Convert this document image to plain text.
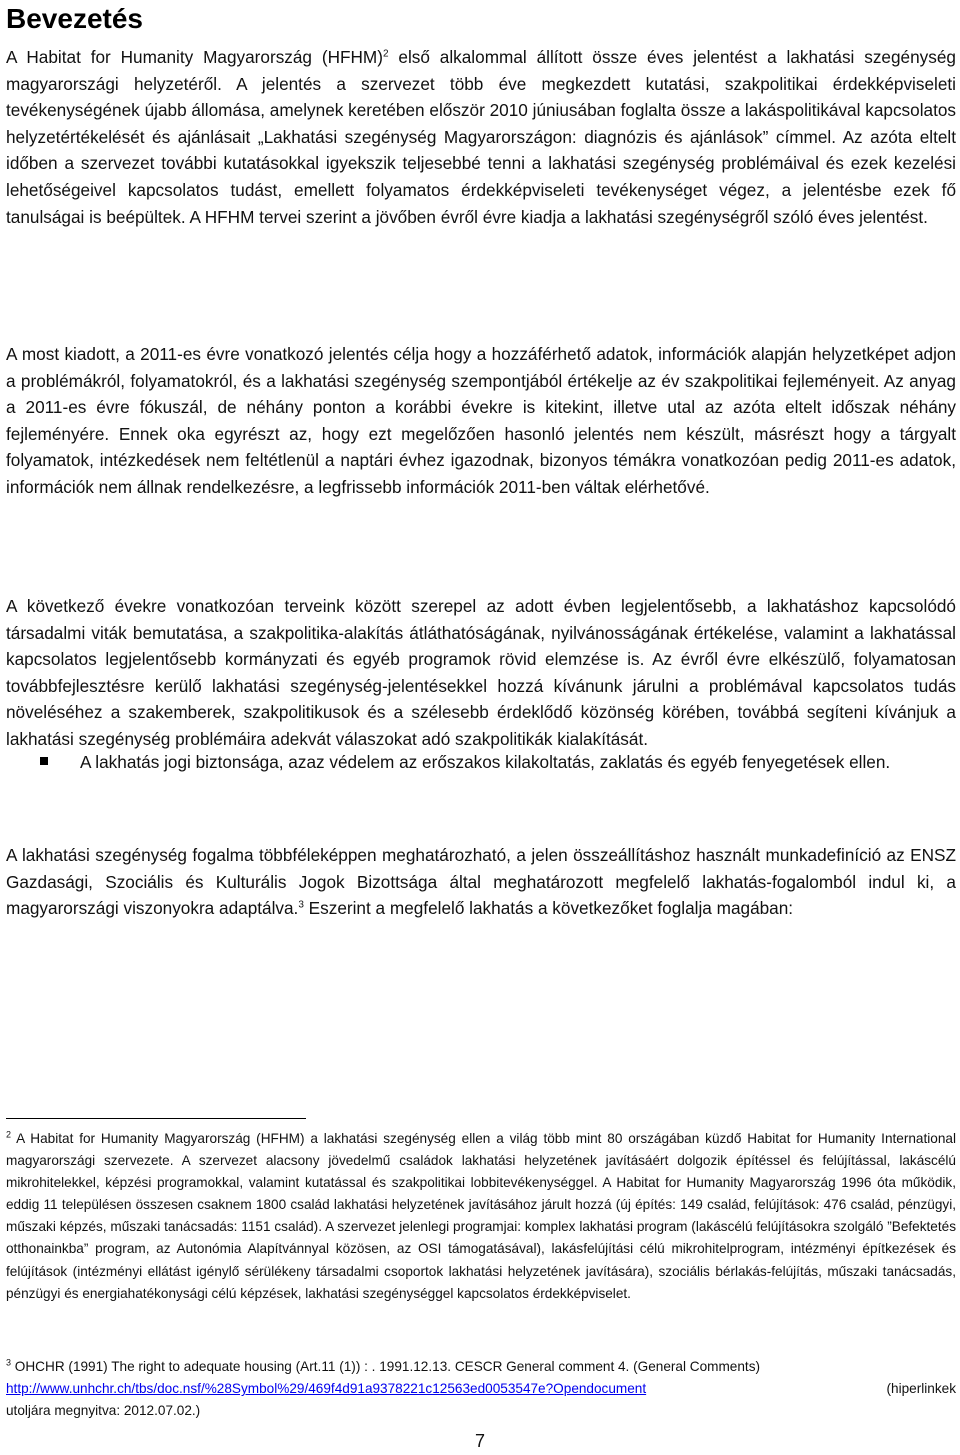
Bevezetés

A Habitat for Humanity Magyarország (HFHM)$^2$ első alkalommal állított össze éves jelentést a lakhatási szegénység magyarországi helyzetéről. A jelentés a szervezet több éve megkezdett kutatási, szakpolitikai érdekképviseleti tevékenységének újabb állomása, amelynek keretében először 2010 júniusában foglalta össze a lakáspolitikával kapcsolatos helyzetértékelését és ajánlásait „Lakhatási szegénység Magyarországon: diagnózis és ajánlások” címmel. Az azóta eltelt időben a szervezet további kutatásokkal igyekszik teljesebbé tenni a lakhatási szegénység problémáival és ezek kezelési lehetőségeivel kapcsolatos tudást, emellett folyamatos érdekképviseleti tevékenységet végez, a jelentésbe ezek fő tanulságai is beépültek. A HFHM tervei szerint a jövőben évről évre kiadja a lakhatási szegénységről szóló éves jelentést.

A most kiadott, a 2011-es évre vonatkozó jelentés célja hogy a hozzáférhető adatok, információk alapján helyzetképet adjon a problémákról, folyamatokról, és a lakhatási szegénység szempontjából értékelje az év szakpolitikai fejleményeit. Az anyag a 2011-es évre fókuszál, de néhány ponton a korábbi évekre is kitekint, illetve utal az azóta eltelt időszak néhány fejleményére. Ennek oka egyrészt az, hogy ezt megelőzően hasonló jelentés nem készült, másrészt hogy a tárgyalt folyamatok, intézkedések nem feltétlenül a naptári évhez igazodnak, bizonyos témákra vonatkozóan pedig 2011-es adatok, információk nem állnak rendelkezésre, a legfrissebb információk 2011-ben váltak elérhetővé.

A következő évekre vonatkozóan terveink között szerepel az adott évben legjelentősebb, a lakhatáshoz kapcsolódó társadalmi viták bemutatása, a szakpolitika-alakítás átláthatóságának, nyilvánosságának értékelése, valamint a lakhatással kapcsolatos legjelentősebb kormányzati és egyéb programok rövid elemzése is. Az évről évre elkészülő, folyamatosan továbbfejlesztésre kerülő lakhatási szegénység-jelentésekkel hozzá kívánunk járulni a problémával kapcsolatos tudás növeléséhez a szakemberek, szakpolitikusok és a szélesebb érdeklődő közönség körében, továbbá segíteni kívánjuk a lakhatási szegénység problémáira adekvát válaszokat adó szakpolitikák kialakítását.

A lakhatási szegénység fogalma többféleképpen meghatározható, a jelen összeállításhoz használt munkadefiníció az ENSZ Gazdasági, Szociális és Kulturális Jogok Bizottsága által meghatározott megfelelő lakhatás-fogalomból indul ki, a magyarországi viszonyokra adaptálva.$^3$ Eszerint a megfelelő lakhatás a következőket foglalja magában:

A lakhatás jogi biztonsága, azaz védelem az erőszakos kilakoltatás, zaklatás és egyéb fenyegetések ellen.

$^2$ A Habitat for Humanity Magyarország (HFHM) a lakhatási szegénység ellen a világ több mint 80 országában küzdő Habitat for Humanity International magyarországi szervezete. A szervezet alacsony jövedelmű családok lakhatási helyzetének javításáért dolgozik építéssel és felújítással, lakáscélú mikrohitelekkel, képzési programokkal, valamint kutatással és szakpolitikai lobbitevékenységgel. A Habitat for Humanity Magyarország 1996 óta működik, eddig 11 településen összesen csaknem 1800 család lakhatási helyzetének javításához járult hozzá (új építés: 149 család, felújítások: 476 család, pénzügyi, műszaki képzés, műszaki tanácsadás: 1151 család). A szervezet jelenlegi programjai: komplex lakhatási program (lakáscélú felújításokra szolgáló ”Befektetés otthonainkba” program, az Autonómia Alapítvánnyal közösen, az OSI támogatásával), lakásfelújítási célú mikrohitelprogram, intézményi építkezések és felújítások (intézményi ellátást igénylő sérülékeny társadalmi csoportok lakhatási helyzetének javítására), szociális bérlakás-felújítás, műszaki tanácsadás, pénzügyi és energiahatékonysági célú képzések, lakhatási szegénységgel kapcsolatos érdekképviselet.

$^3$ OHCHR (1991) The right to adequate housing (Art.11 (1)) : . 1991.12.13. CESCR General comment 4. (General Comments)
http://www.unhchr.ch/tbs/doc.nsf/%28Symbol%29/469f4d91a9378221c12563ed0053547e?Opendocument	(hiperlinkek
utoljára megnyitva: 2012.07.02.)
7
